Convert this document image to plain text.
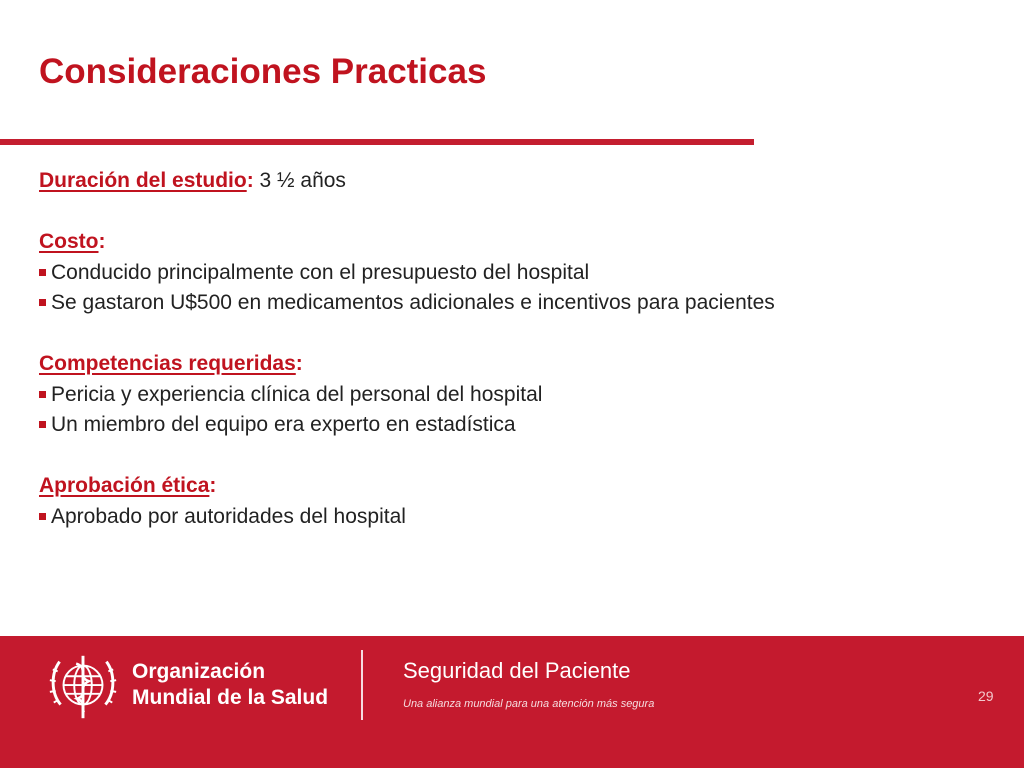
Consideraciones Practicas
Duración del estudio: 3 ½ años
Costo:
Conducido principalmente con el presupuesto del hospital
Se gastaron U$500 en medicamentos adicionales e incentivos para pacientes
Competencias requeridas:
Pericia y experiencia clínica del personal del hospital
Un miembro del equipo era experto en estadística
Aprobación ética:
Aprobado por autoridades del hospital
Organización
Mundial de la Salud
Seguridad del Paciente
Una alianza mundial para una atención más segura	29
